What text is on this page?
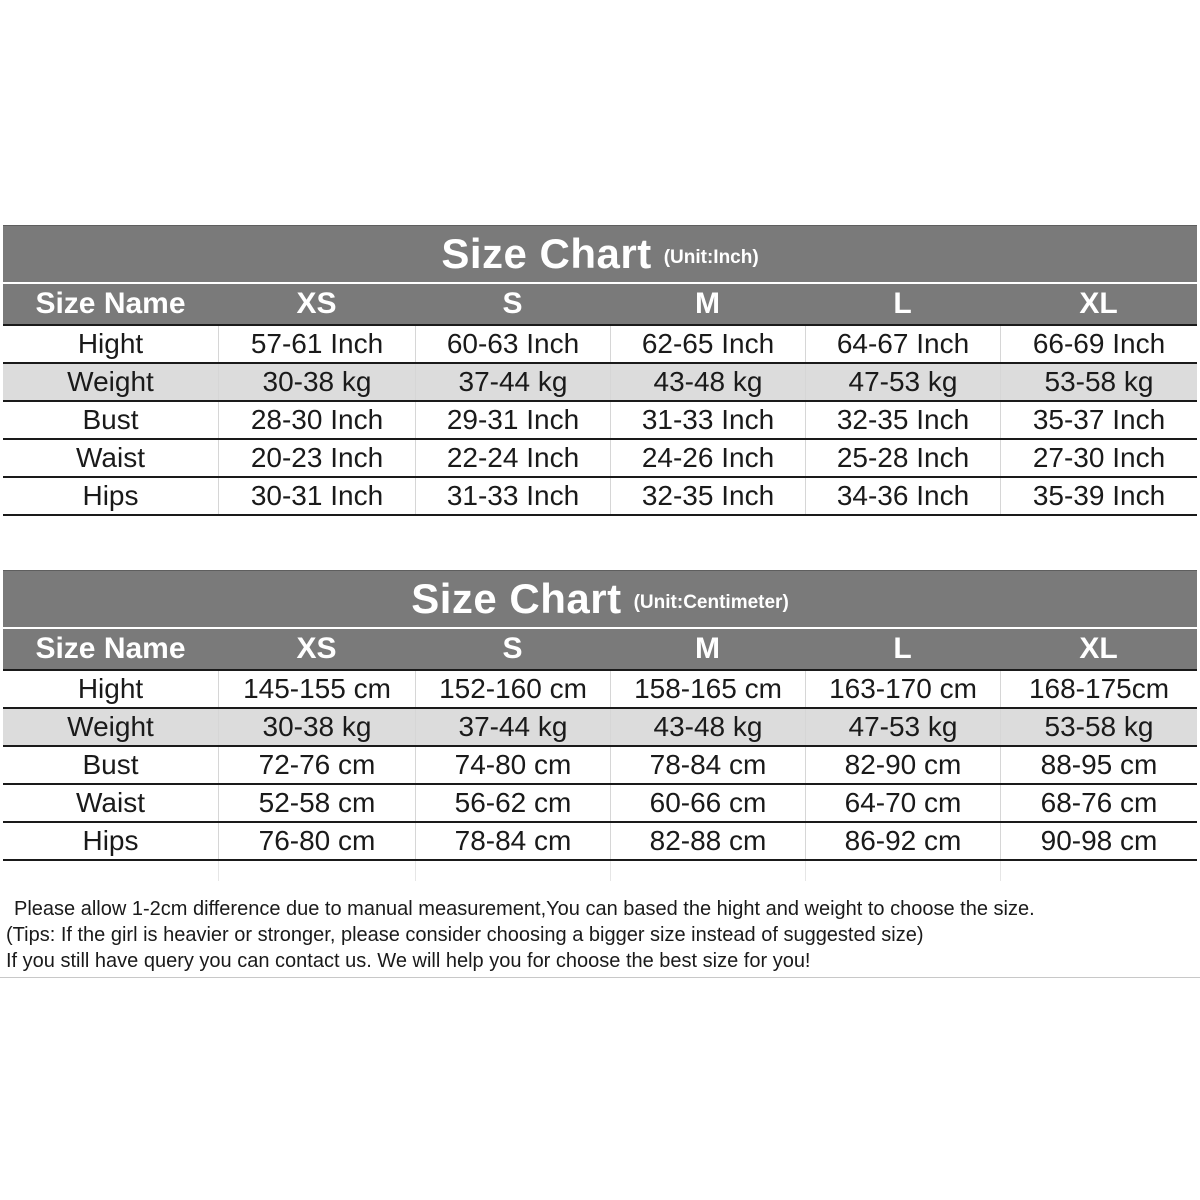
Size Chart (Unit:Inch)
Size Name	XS	S	M	L	XL
Hight	57-61 Inch	60-63 Inch	62-65 Inch	64-67 Inch	66-69 Inch
Weight	30-38 kg	37-44 kg	43-48 kg	47-53 kg	53-58 kg
Bust	28-30 Inch	29-31 Inch	31-33 Inch	32-35 Inch	35-37 Inch
Waist	20-23 Inch	22-24 Inch	24-26 Inch	25-28 Inch	27-30 Inch
Hips	30-31 Inch	31-33 Inch	32-35 Inch	34-36 Inch	35-39 Inch
Size Chart (Unit:Centimeter)
Size Name	XS	S	M	L	XL
Hight	145-155 cm	152-160 cm	158-165 cm	163-170 cm	168-175cm
Weight	30-38 kg	37-44 kg	43-48 kg	47-53 kg	53-58 kg
Bust	72-76 cm	74-80 cm	78-84 cm	82-90 cm	88-95 cm
Waist	52-58 cm	56-62 cm	60-66 cm	64-70 cm	68-76 cm
Hips	76-80 cm	78-84 cm	82-88 cm	86-92 cm	90-98 cm
Please allow 1-2cm difference due to manual measurement,You can based the hight and weight to choose the size.
(Tips: If the girl is heavier or stronger, please consider choosing a bigger size instead of suggested size)
If you still have query you can contact us. We will help you for choose the best size for you!
